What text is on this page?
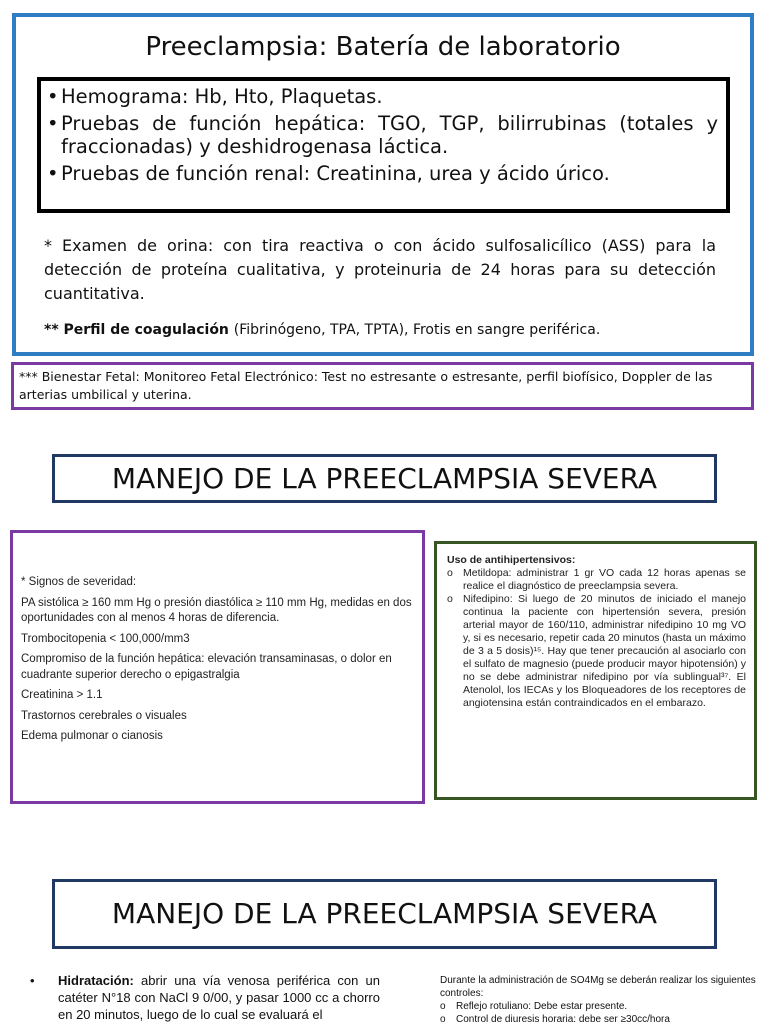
Preeclampsia: Batería de laboratorio
• Hemograma: Hb, Hto, Plaquetas.
• Pruebas de función hepática: TGO, TGP, bilirrubinas (totales y fraccionadas) y deshidrogenasa láctica.
• Pruebas de función renal: Creatinina, urea y ácido úrico.
* Examen de orina: con tira reactiva o con ácido sulfosalicílico (ASS) para la detección de proteína cualitativa, y proteinuria de 24 horas para su detección cuantitativa.
** Perfil de coagulación (Fibrinógeno, TPA, TPTA), Frotis en sangre periférica.
*** Bienestar Fetal: Monitoreo Fetal Electrónico: Test no estresante o estresante, perfil biofísico, Doppler de las arterias umbilical y uterina.
MANEJO DE LA PREECLAMPSIA SEVERA
* Signos de severidad:
PA sistólica ≥ 160 mm Hg o presión diastólica ≥ 110 mm Hg, medidas en dos oportunidades con al menos 4 horas de diferencia.
Trombocitopenia < 100,000/mm3
Compromiso de la función hepática: elevación transaminasas, o dolor en cuadrante superior derecho o epigastralgia
Creatinina > 1.1
Trastornos cerebrales o visuales
Edema pulmonar o cianosis
Uso de antihipertensivos:
o Metildopa: administrar 1 gr VO cada 12 horas apenas se realice el diagnóstico de preeclampsia severa.
o Nifedipino: Si luego de 20 minutos de iniciado el manejo continua la paciente con hipertensión severa, presión arterial mayor de 160/110, administrar nifedipino 10 mg VO y, si es necesario, repetir cada 20 minutos (hasta un máximo de 3 a 5 dosis)¹⁵. Hay que tener precaución al asociarlo con el sulfato de magnesio (puede producir mayor hipotensión) y no se debe administrar nifedipino por vía sublingual³⁷. El Atenolol, los IECAs y los Bloqueadores de los receptores de angiotensina están contraindicados en el embarazo.
MANEJO DE LA PREECLAMPSIA SEVERA
•	Hidratación: abrir una vía venosa periférica con un catéter N°18 con NaCl 9 0/00, y pasar 1000 cc a chorro en 20 minutos, luego de lo cual se evaluará el
Durante la administración de SO4Mg se deberán realizar los siguientes controles:
o	Reflejo rotuliano: Debe estar presente.
o	Control de diuresis horaria: debe ser ≥30cc/hora
